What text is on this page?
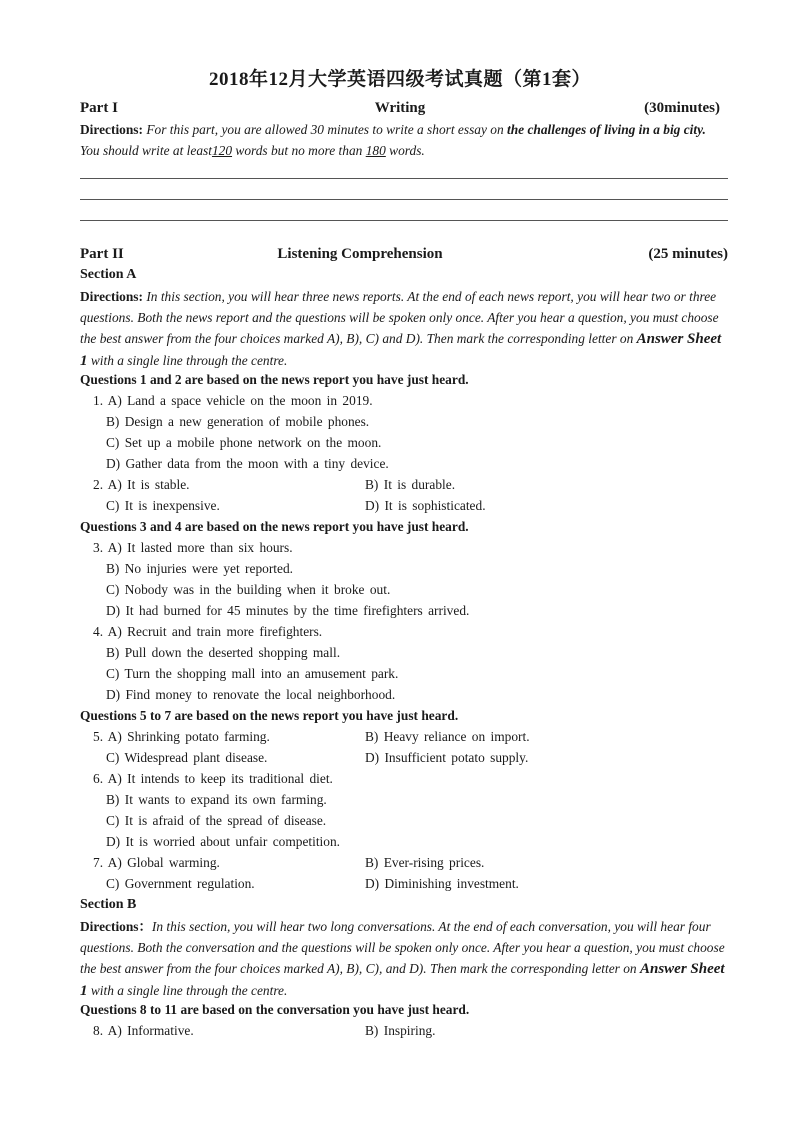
2018年12月大学英语四级考试真题（第1套）
Part I	Writing	(30minutes)
Directions: For this part, you are allowed 30 minutes to write a short essay on the challenges of living in a big city. You should write at least120 words but no more than 180 words.
Part II	Listening Comprehension	(25 minutes)
Section A
Directions: In this section, you will hear three news reports. At the end of each news report, you will hear two or three questions. Both the news report and the questions will be spoken only once. After you hear a question, you must choose the best answer from the four choices marked A), B), C) and D). Then mark the corresponding letter on Answer Sheet 1 with a single line through the centre.
Questions 1 and 2 are based on the news report you have just heard.
1. A) Land a space vehicle on the moon in 2019.
B) Design a new generation of mobile phones.
C) Set up a mobile phone network on the moon.
D) Gather data from the moon with a tiny device.
2. A) It is stable.	B) It is durable.
C) It is inexpensive.	D) It is sophisticated.
Questions 3 and 4 are based on the news report you have just heard.
3. A) It lasted more than six hours.
B) No injuries were yet reported.
C) Nobody was in the building when it broke out.
D) It had burned for 45 minutes by the time firefighters arrived.
4. A) Recruit and train more firefighters.
B) Pull down the deserted shopping mall.
C) Turn the shopping mall into an amusement park.
D) Find money to renovate the local neighborhood.
Questions 5 to 7 are based on the news report you have just heard.
5. A) Shrinking potato farming.	B) Heavy reliance on import.
C) Widespread plant disease.	D) Insufficient potato supply.
6. A) It intends to keep its traditional diet.
B) It wants to expand its own farming.
C) It is afraid of the spread of disease.
D) It is worried about unfair competition.
7. A) Global warming.	B) Ever-rising prices.
C) Government regulation.	D) Diminishing investment.
Section B
Directions：In this section, you will hear two long conversations. At the end of each conversation, you will hear four questions. Both the conversation and the questions will be spoken only once. After you hear a question, you must choose the best answer from the four choices marked A), B), C), and D). Then mark the corresponding letter on Answer Sheet 1 with a single line through the centre.
Questions 8 to 11 are based on the conversation you have just heard.
8. A) Informative.	B) Inspiring.
